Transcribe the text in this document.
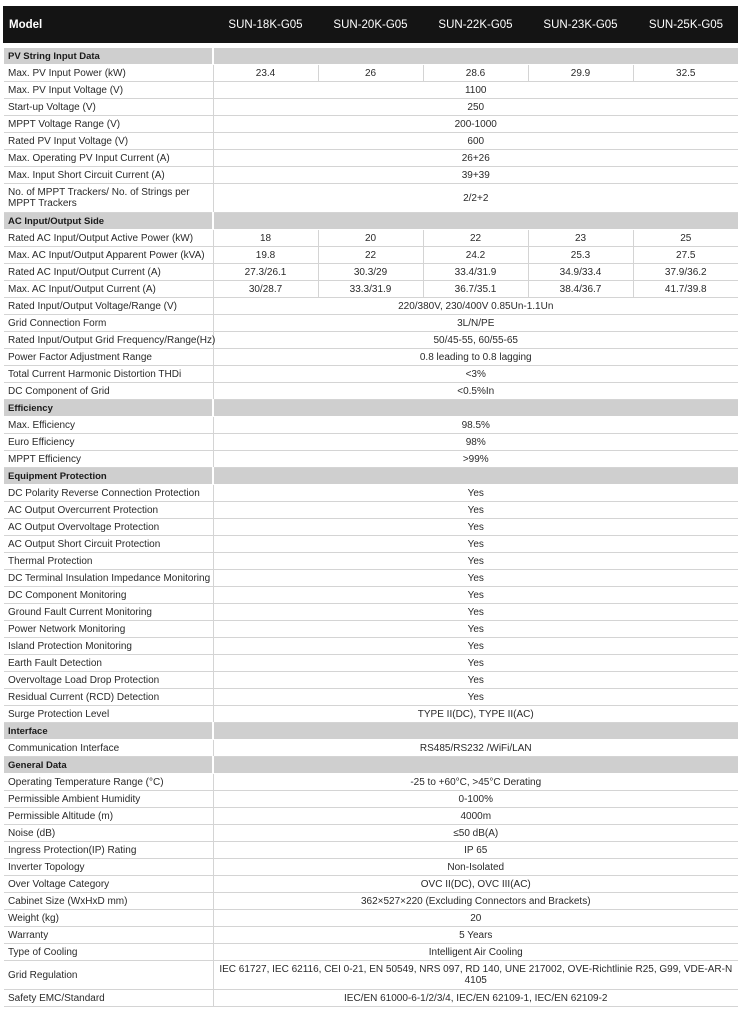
Model	SUN-18K-G05	SUN-20K-G05	SUN-22K-G05	SUN-23K-G05	SUN-25K-G05

PV String Input Data					
Max. PV Input Power (kW)	23.4	26	28.6	29.9	32.5
Max. PV Input Voltage (V)	1100				
Start-up Voltage (V)	250				
MPPT Voltage Range (V)	200-1000				
Rated PV Input Voltage (V)	600				
Max. Operating PV Input Current (A)	26+26				
Max. Input Short Circuit Current (A)	39+39				
No. of MPPT Trackers/ No. of Strings per MPPT Trackers	2/2+2				
AC Input/Output Side					
Rated AC Input/Output Active Power (kW)	18	20	22	23	25
Max. AC Input/Output Apparent Power (kVA)	19.8	22	24.2	25.3	27.5
Rated AC Input/Output Current (A)	27.3/26.1	30.3/29	33.4/31.9	34.9/33.4	37.9/36.2
Max. AC Input/Output Current (A)	30/28.7	33.3/31.9	36.7/35.1	38.4/36.7	41.7/39.8
Rated Input/Output Voltage/Range (V)	220/380V, 230/400V 0.85Un-1.1Un				
Grid Connection Form	3L/N/PE				
Rated Input/Output Grid Frequency/Range(Hz)	50/45-55, 60/55-65				
Power Factor Adjustment Range	0.8 leading to 0.8 lagging				
Total Current Harmonic Distortion THDi	<3%				
DC Component of Grid	<0.5%In				
Efficiency					
Max. Efficiency	98.5%				
Euro Efficiency	98%				
MPPT Efficiency	>99%				
Equipment Protection					
DC Polarity Reverse Connection Protection	Yes				
AC Output Overcurrent Protection	Yes				
AC Output Overvoltage Protection	Yes				
AC Output Short Circuit Protection	Yes				
Thermal Protection	Yes				
DC Terminal Insulation Impedance Monitoring	Yes				
DC Component Monitoring	Yes				
Ground Fault Current Monitoring	Yes				
Power Network Monitoring	Yes				
Island Protection Monitoring	Yes				
Earth Fault Detection	Yes				
Overvoltage Load Drop Protection	Yes				
Residual Current (RCD) Detection	Yes				
Surge Protection Level	TYPE II(DC), TYPE II(AC)				
Interface					
Communication Interface	RS485/RS232 /WiFi/LAN				
General Data					
Operating Temperature Range (°C)	-25 to +60°C, >45°C Derating				
Permissible Ambient Humidity	0-100%				
Permissible Altitude (m)	4000m				
Noise (dB)	≤50 dB(A)				
Ingress Protection(IP) Rating	IP 65				
Inverter Topology	Non-Isolated				
Over Voltage Category	OVC II(DC), OVC III(AC)				
Cabinet Size (WxHxD mm)	362×527×220 (Excluding Connectors and Brackets)				
Weight (kg)	20				
Warranty	5 Years				
Type of Cooling	Intelligent Air Cooling				
Grid Regulation	IEC 61727, IEC 62116, CEI 0-21, EN 50549, NRS 097, RD 140, UNE 217002, OVE-Richtlinie R25, G99, VDE-AR-N 4105				
Safety EMC/Standard	IEC/EN 61000-6-1/2/3/4, IEC/EN 62109-1, IEC/EN 62109-2				
